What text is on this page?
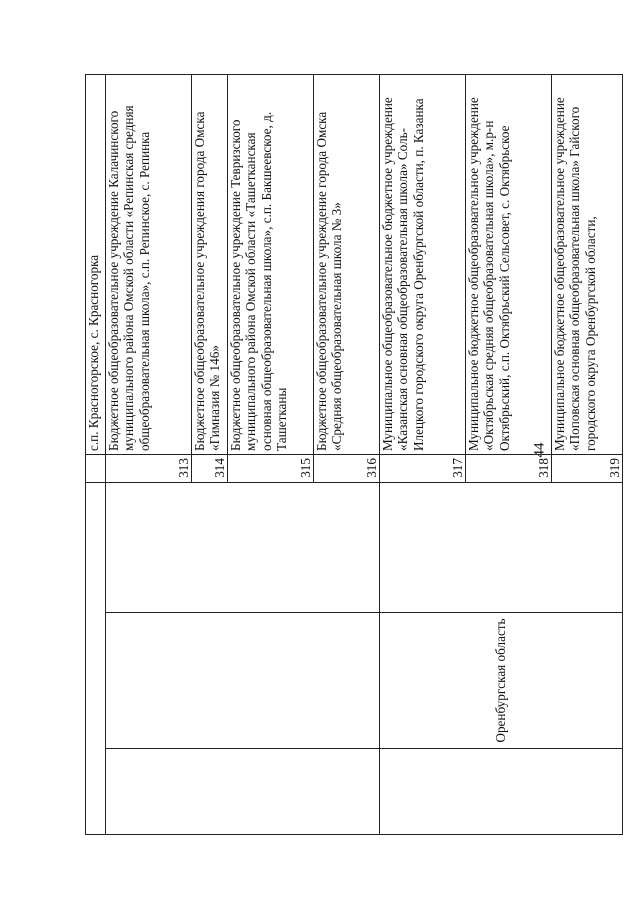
44
				с.п. Красногорское, с. Красногорка
			313	Бюджетное общеобразовательное учреждение Калачинского муниципального района Омской области «Репинская средняя общеобразовательная школа», с.п. Репинское, с. Репинка
			314	Бюджетное общеобразовательное учреждения города Омска «Гимназия № 146»
			315	Бюджетное общеобразовательное учреждение Тевризского муниципального района Омской области «Ташетканская основная общеобразовательная школа», с.п. Бакшеевское, д. Ташетканы
			316	Бюджетное общеобразовательное учреждение города Омска «Средняя общеобразовательная школа № 3»
	Оренбургская область		317	Муниципальное общеобразовательное бюджетное учреждение «Казанская основная общеобразовательная школа» Соль-Илецкого городского округа Оренбургской области, п. Казанка
			318	Муниципальное бюджетное общеобразовательное учреждение «Октябрьская средняя общеобразовательная школа», м.р-н Октябрьский, с.п. Октябрьский Сельсовет, с. Октябрьское
			319	Муниципальное бюджетное общеобразовательное учреждение «Поповская основная общеобразовательная школа» Гайского городского округа Оренбургской области,
